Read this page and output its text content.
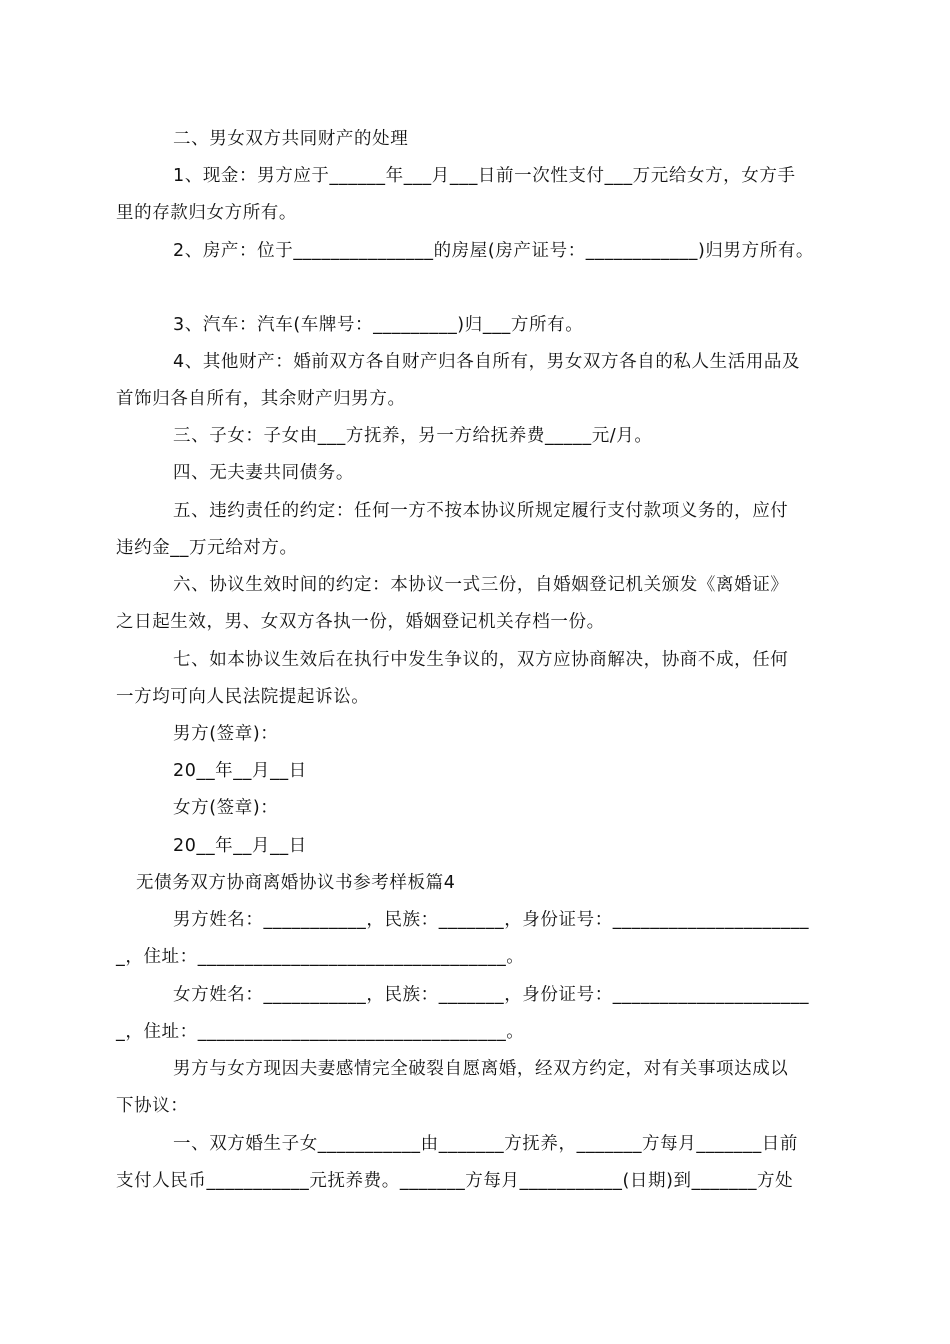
二、男女双方共同财产的处理
1、现金：男方应于______年___月___日前一次性支付___万元给女方，女方手
里的存款归女方所有。
2、房产：位于_______________的房屋(房产证号：____________)归男方所有。
3、汽车：汽车(车牌号：_________)归___方所有。
4、其他财产：婚前双方各自财产归各自所有，男女双方各自的私人生活用品及
首饰归各自所有，其余财产归男方。
三、子女：子女由___方抚养，另一方给抚养费_____元/月。
四、无夫妻共同债务。
五、违约责任的约定：任何一方不按本协议所规定履行支付款项义务的，应付
违约金__万元给对方。
六、协议生效时间的约定：本协议一式三份，自婚姻登记机关颁发《离婚证》
之日起生效，男、女双方各执一份，婚姻登记机关存档一份。
七、如本协议生效后在执行中发生争议的，双方应协商解决，协商不成，任何
一方均可向人民法院提起诉讼。
男方(签章)：
20__年__月__日
女方(签章)：
20__年__月__日
无债务双方协商离婚协议书参考样板篇4
男方姓名：___________，民族：_______，身份证号：_____________________
_，住址：_________________________________。
女方姓名：___________，民族：_______，身份证号：_____________________
_，住址：_________________________________。
男方与女方现因夫妻感情完全破裂自愿离婚，经双方约定，对有关事项达成以
下协议：
一、双方婚生子女___________由_______方抚养，_______方每月_______日前
支付人民币___________元抚养费。_______方每月___________(日期)到_______方处
